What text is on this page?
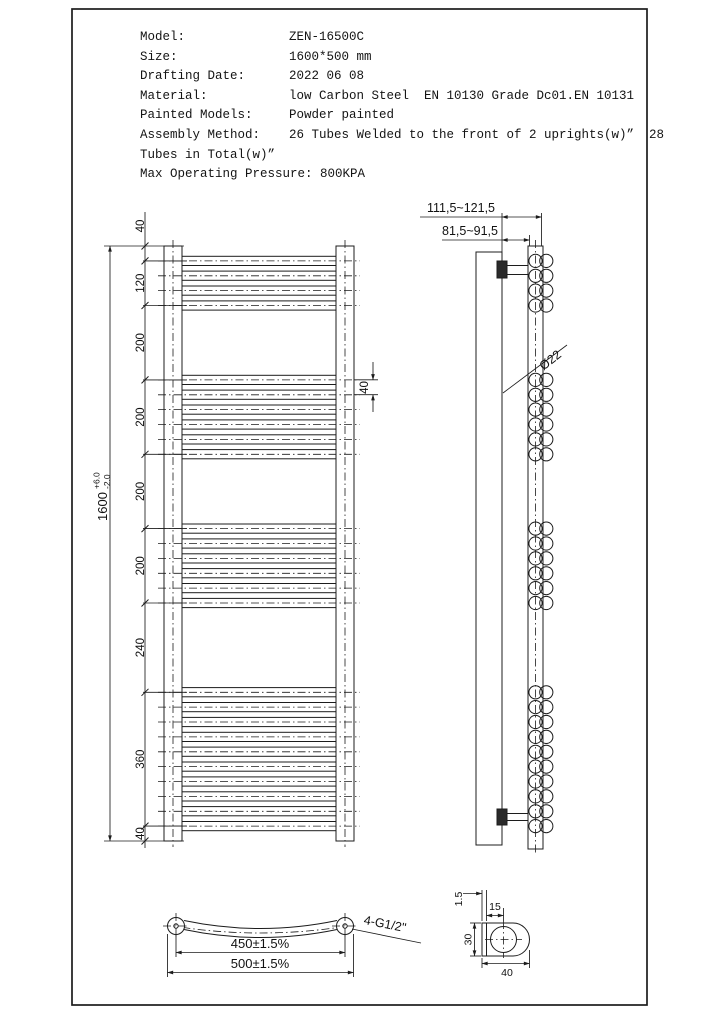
40
120
200
200
200
200
240
360
40
1600
+6.0 -2.0
40
111,5~121,5
81,5~91,5
Ø22
450±1.5%
500±1.5%
4-G1/2"
1.5
15
30
40
Model:	ZEN-16500C
Size:	1600*500 mm
Drafting Date:	2022 06 08
Material:	low Carbon Steel  EN 10130 Grade Dc01.EN 10131
Painted Models:	Powder painted
Assembly Method:	26 Tubes Welded to the front of 2 uprights(w)”  28
Tubes in Total(w)”
Max Operating Pressure: 800KPA
